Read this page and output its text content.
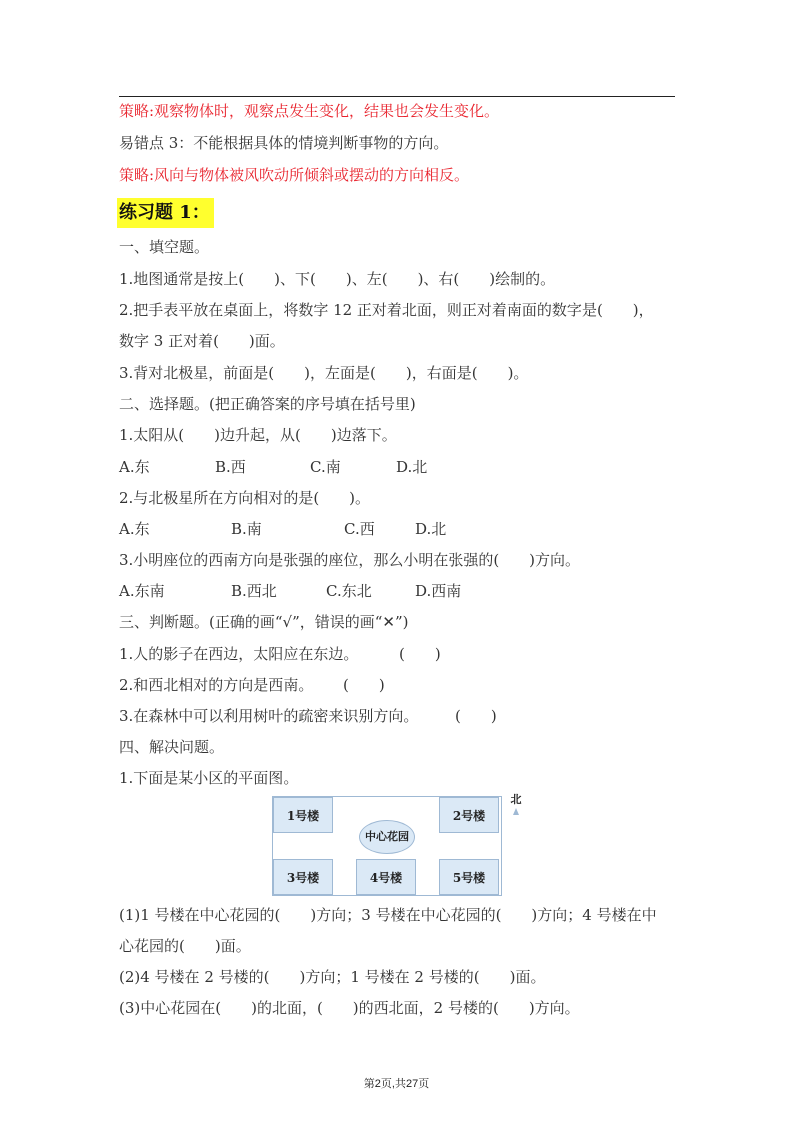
策略:观察物体时，观察点发生变化，结果也会发生变化。
易错点 3：不能根据具体的情境判断事物的方向。
策略:风向与物体被风吹动所倾斜或摆动的方向相反。
练习题 1：
一、填空题。
1.地图通常是按上(　　)、下(　　)、左(　　)、右(　　)绘制的。
2.把手表平放在桌面上，将数字 12 正对着北面，则正对着南面的数字是(　　)，
数字 3 正对着(　　)面。
3.背对北极星，前面是(　　)，左面是(　　)，右面是(　　)。
二、选择题。(把正确答案的序号填在括号里)
1.太阳从(　　)边升起，从(　　)边落下。
A.东	B.西	C.南	D.北
2.与北极星所在方向相对的是(　　)。
A.东	B.南	C.西	D.北
3.小明座位的西南方向是张强的座位，那么小明在张强的(　　)方向。
A.东南	B.西北	C.东北	D.西南
三、判断题。(正确的画“√”，错误的画“✕”)
1.人的影子在西边，太阳应在东边。	(　　)
2.和西北相对的方向是西南。 (　　)
3.在森林中可以利用树叶的疏密来识别方向。 (　　)
四、解决问题。
1.下面是某小区的平面图。
1号楼	2号楼
3号楼	4号楼	5号楼
中心花园
北
(1)1 号楼在中心花园的(　　)方向；3 号楼在中心花园的(　　)方向；4 号楼在中
心花园的(　　)面。
(2)4 号楼在 2 号楼的(　　)方向；1 号楼在 2 号楼的(　　)面。
(3)中心花园在(　　)的北面，(　　)的西北面，2 号楼的(　　)方向。
第2页,共27页
